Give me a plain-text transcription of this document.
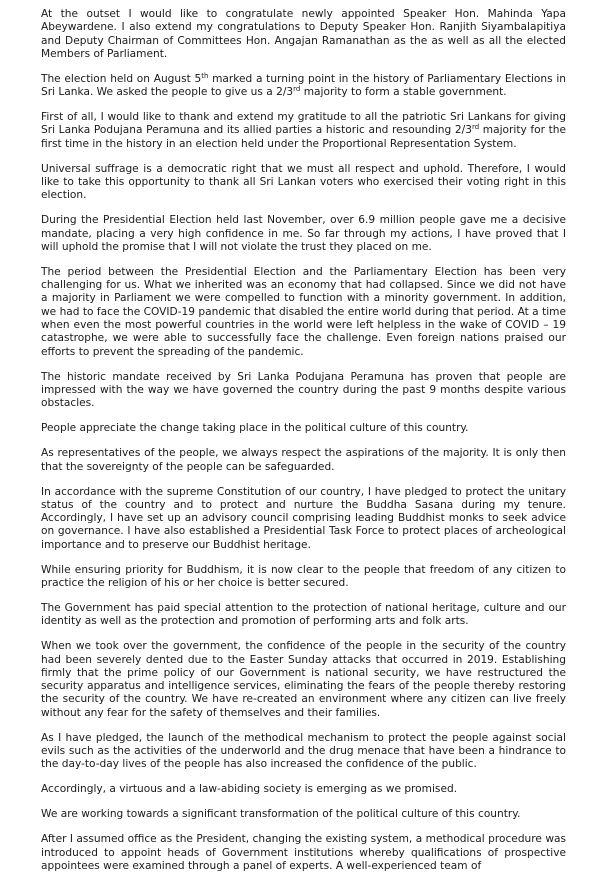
At the outset I would like to congratulate newly appointed Speaker Hon. Mahinda Yapa Abeywardene. I also extend my congratulations to Deputy Speaker Hon. Ranjith Siyambalapitiya and Deputy Chairman of Committees Hon. Angajan Ramanathan as the as well as all the elected Members of Parliament.

The election held on August 5th marked a turning point in the history of Parliamentary Elections in Sri Lanka. We asked the people to give us a 2/3rd majority to form a stable government.

First of all, I would like to thank and extend my gratitude to all the patriotic Sri Lankans for giving Sri Lanka Podujana Peramuna and its allied parties a historic and resounding 2/3rd majority for the first time in the history in an election held under the Proportional Representation System.

Universal suffrage is a democratic right that we must all respect and uphold. Therefore, I would like to take this opportunity to thank all Sri Lankan voters who exercised their voting right in this election.

During the Presidential Election held last November, over 6.9 million people gave me a decisive mandate, placing a very high confidence in me. So far through my actions, I have proved that I will uphold the promise that I will not violate the trust they placed on me.

The period between the Presidential Election and the Parliamentary Election has been very challenging for us. What we inherited was an economy that had collapsed. Since we did not have a majority in Parliament we were compelled to function with a minority government. In addition, we had to face the COVID-19 pandemic that disabled the entire world during that period. At a time when even the most powerful countries in the world were left helpless in the wake of COVID – 19 catastrophe, we were able to successfully face the challenge. Even foreign nations praised our efforts to prevent the spreading of the pandemic.

The historic mandate received by Sri Lanka Podujana Peramuna has proven that people are impressed with the way we have governed the country during the past 9 months despite various obstacles.

People appreciate the change taking place in the political culture of this country.

As representatives of the people, we always respect the aspirations of the majority. It is only then that the sovereignty of the people can be safeguarded.

In accordance with the supreme Constitution of our country, I have pledged to protect the unitary status of the country and to protect and nurture the Buddha Sasana during my tenure. Accordingly, I have set up an advisory council comprising leading Buddhist monks to seek advice on governance. I have also established a Presidential Task Force to protect places of archeological importance and to preserve our Buddhist heritage.

While ensuring priority for Buddhism, it is now clear to the people that freedom of any citizen to practice the religion of his or her choice is better secured.

The Government has paid special attention to the protection of national heritage, culture and our identity as well as the protection and promotion of performing arts and folk arts.

When we took over the government, the confidence of the people in the security of the country had been severely dented due to the Easter Sunday attacks that occurred in 2019. Establishing firmly that the prime policy of our Government is national security, we have restructured the security apparatus and intelligence services, eliminating the fears of the people thereby restoring the security of the country. We have re-created an environment where any citizen can live freely without any fear for the safety of themselves and their families.

As I have pledged, the launch of the methodical mechanism to protect the people against social evils such as the activities of the underworld and the drug menace that have been a hindrance to the day-to-day lives of the people has also increased the confidence of the public.

Accordingly, a virtuous and a law-abiding society is emerging as we promised.

We are working towards a significant transformation of the political culture of this country.

After I assumed office as the President, changing the existing system, a methodical procedure was introduced to appoint heads of Government institutions whereby qualifications of prospective appointees were examined through a panel of experts. A well-experienced team of
